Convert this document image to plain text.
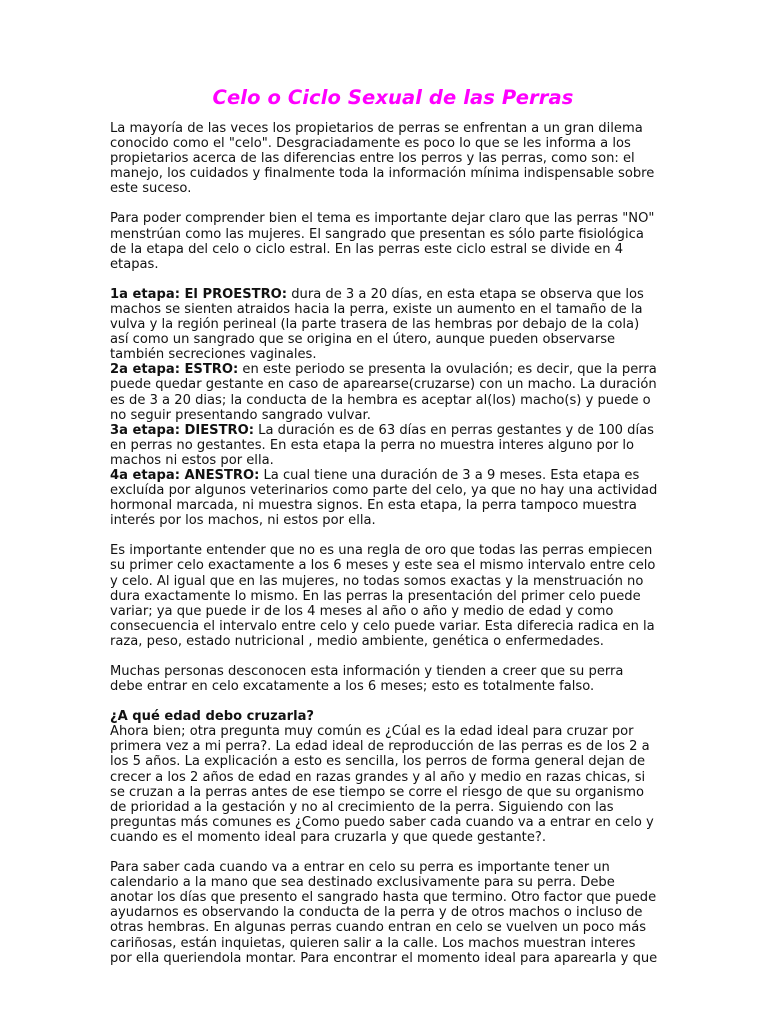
Celo o Ciclo Sexual de las Perras

La mayoría de las veces los propietarios de perras se enfrentan a un gran dilema conocido como el "celo". Desgraciadamente es poco lo que se les informa a los propietarios acerca de las diferencias entre los perros y las perras, como son: el manejo, los cuidados y finalmente toda la información mínima indispensable sobre este suceso.

Para poder comprender bien el tema es importante dejar claro que las perras "NO" menstrúan como las mujeres. El sangrado que presentan es sólo parte fisiológica de la etapa del celo o ciclo estral. En las perras este ciclo estral se divide en 4 etapas.

1a etapa: El PROESTRO: dura de 3 a 20 días, en esta etapa se observa que los machos se sienten atraidos hacia la perra, existe un aumento en el tamaño de la vulva y la región perineal (la parte trasera de las hembras por debajo de la cola) así como un sangrado que se origina en el útero, aunque pueden observarse también secreciones vaginales.

2a etapa: ESTRO: en este periodo se presenta la ovulación; es decir, que la perra puede quedar gestante en caso de aparearse(cruzarse) con un macho. La duración es de 3 a 20 dias; la conducta de la hembra es aceptar al(los) macho(s) y puede o no seguir presentando sangrado vulvar.

3a etapa: DIESTRO: La duración es de 63 días en perras gestantes y de 100 días en perras no gestantes. En esta etapa la perra no muestra interes alguno por lo machos ni estos por ella.

4a etapa: ANESTRO: La cual tiene una duración de 3 a 9 meses. Esta etapa es excluída por algunos veterinarios como parte del celo, ya que no hay una actividad hormonal marcada, ni muestra signos. En esta etapa, la perra tampoco muestra interés por los machos, ni estos por ella.

Es importante entender que no es una regla de oro que todas las perras empiecen su primer celo exactamente a los 6 meses y este sea el mismo intervalo entre celo y celo. Al igual que en las mujeres, no todas somos exactas y la menstruación no dura exactamente lo mismo. En las perras la presentación del primer celo puede variar; ya que puede ir de los 4 meses al año o año y medio de edad y como consecuencia el intervalo entre celo y celo puede variar. Esta diferecia radica en la raza, peso, estado nutricional , medio ambiente, genética o enfermedades.

Muchas personas desconocen esta información y tienden a creer que su perra debe entrar en celo excatamente a los 6 meses; esto es totalmente falso.

¿A qué edad debo cruzarla?

Ahora bien; otra pregunta muy común es ¿Cúal es la edad ideal para cruzar por primera vez a mi perra?. La edad ideal de reproducción de las perras es de los 2 a los 5 años. La explicación a esto es sencilla, los perros de forma general dejan de crecer a los 2 años de edad en razas grandes y al año y medio en razas chicas, si se cruzan a la perras antes de ese tiempo se corre el riesgo de que su organismo de prioridad a la gestación y no al crecimiento de la perra. Siguiendo con las preguntas más comunes es ¿Como puedo saber cada cuando va a entrar en celo y cuando es el momento ideal para cruzarla y que quede gestante?.

Para saber cada cuando va a entrar en celo su perra es importante tener un calendario a la mano que sea destinado exclusivamente para su perra. Debe anotar los días que presento el sangrado hasta que termino. Otro factor que puede ayudarnos es observando la conducta de la perra y de otros machos o incluso de otras hembras. En algunas perras cuando entran en celo se vuelven un poco más cariñosas, están inquietas, quieren salir a la calle. Los machos muestran interes por ella queriendola montar. Para encontrar el momento ideal para aparearla y que
